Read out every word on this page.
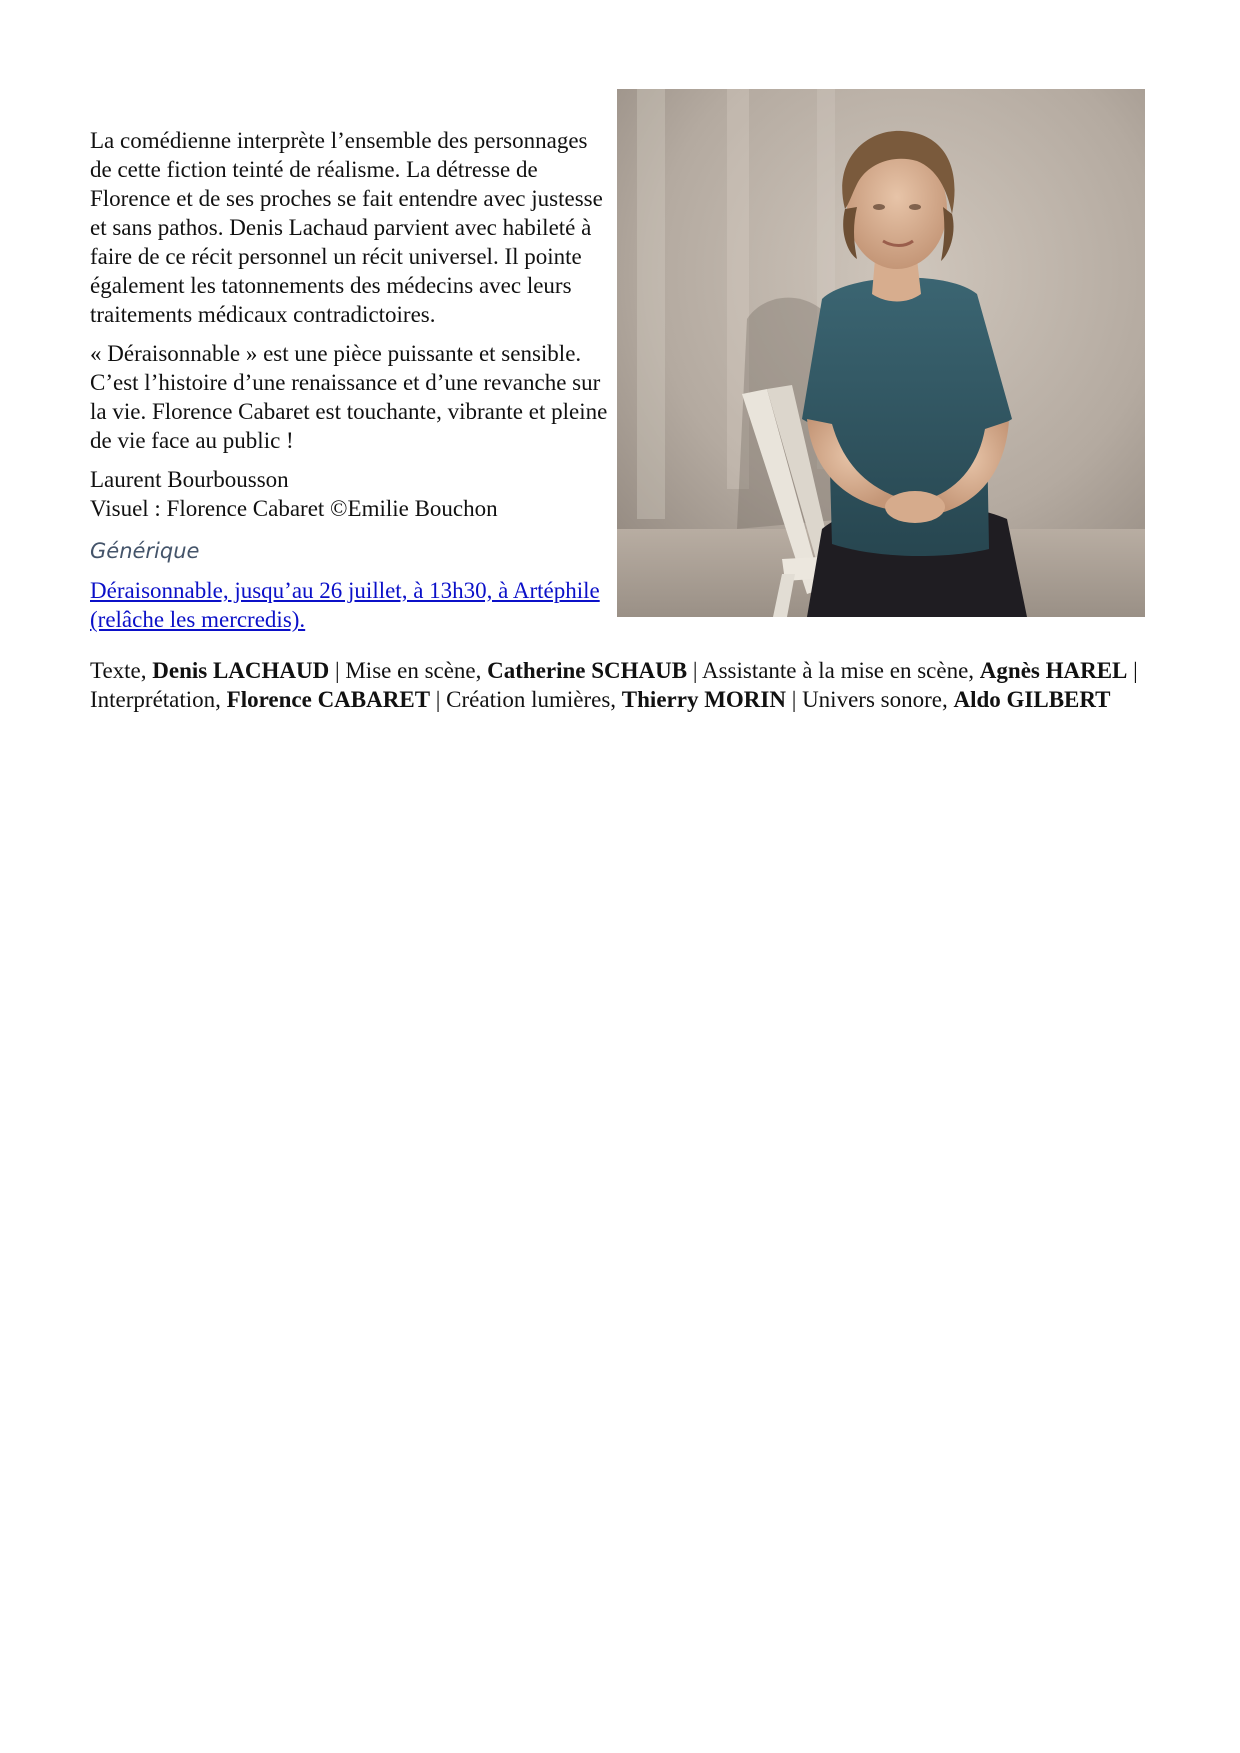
La comédienne interprète l’ensemble des personnages de cette fiction teinté de réalisme. La détresse de Florence et de ses proches se fait entendre avec justesse et sans pathos. Denis Lachaud parvient avec habileté à faire de ce récit personnel un récit universel. Il pointe également les tatonnements des médecins avec leurs traitements médicaux contradictoires.

« Déraisonnable » est une pièce puissante et sensible. C’est l’histoire d’une renaissance et d’une revanche sur la vie. Florence Cabaret est touchante, vibrante et pleine de vie face au public !

Laurent Bourbousson

Visuel : Florence Cabaret ©Emilie Bouchon

Générique

Déraisonnable, jusqu’au 26 juillet, à 13h30, à Artéphile (relâche les mercredis).

Texte, Denis LACHAUD | Mise en scène, Catherine SCHAUB | Assistante à la mise en scène, Agnès HAREL | Interprétation, Florence CABARET | Création lumières, Thierry MORIN | Univers sonore, Aldo GILBERT
